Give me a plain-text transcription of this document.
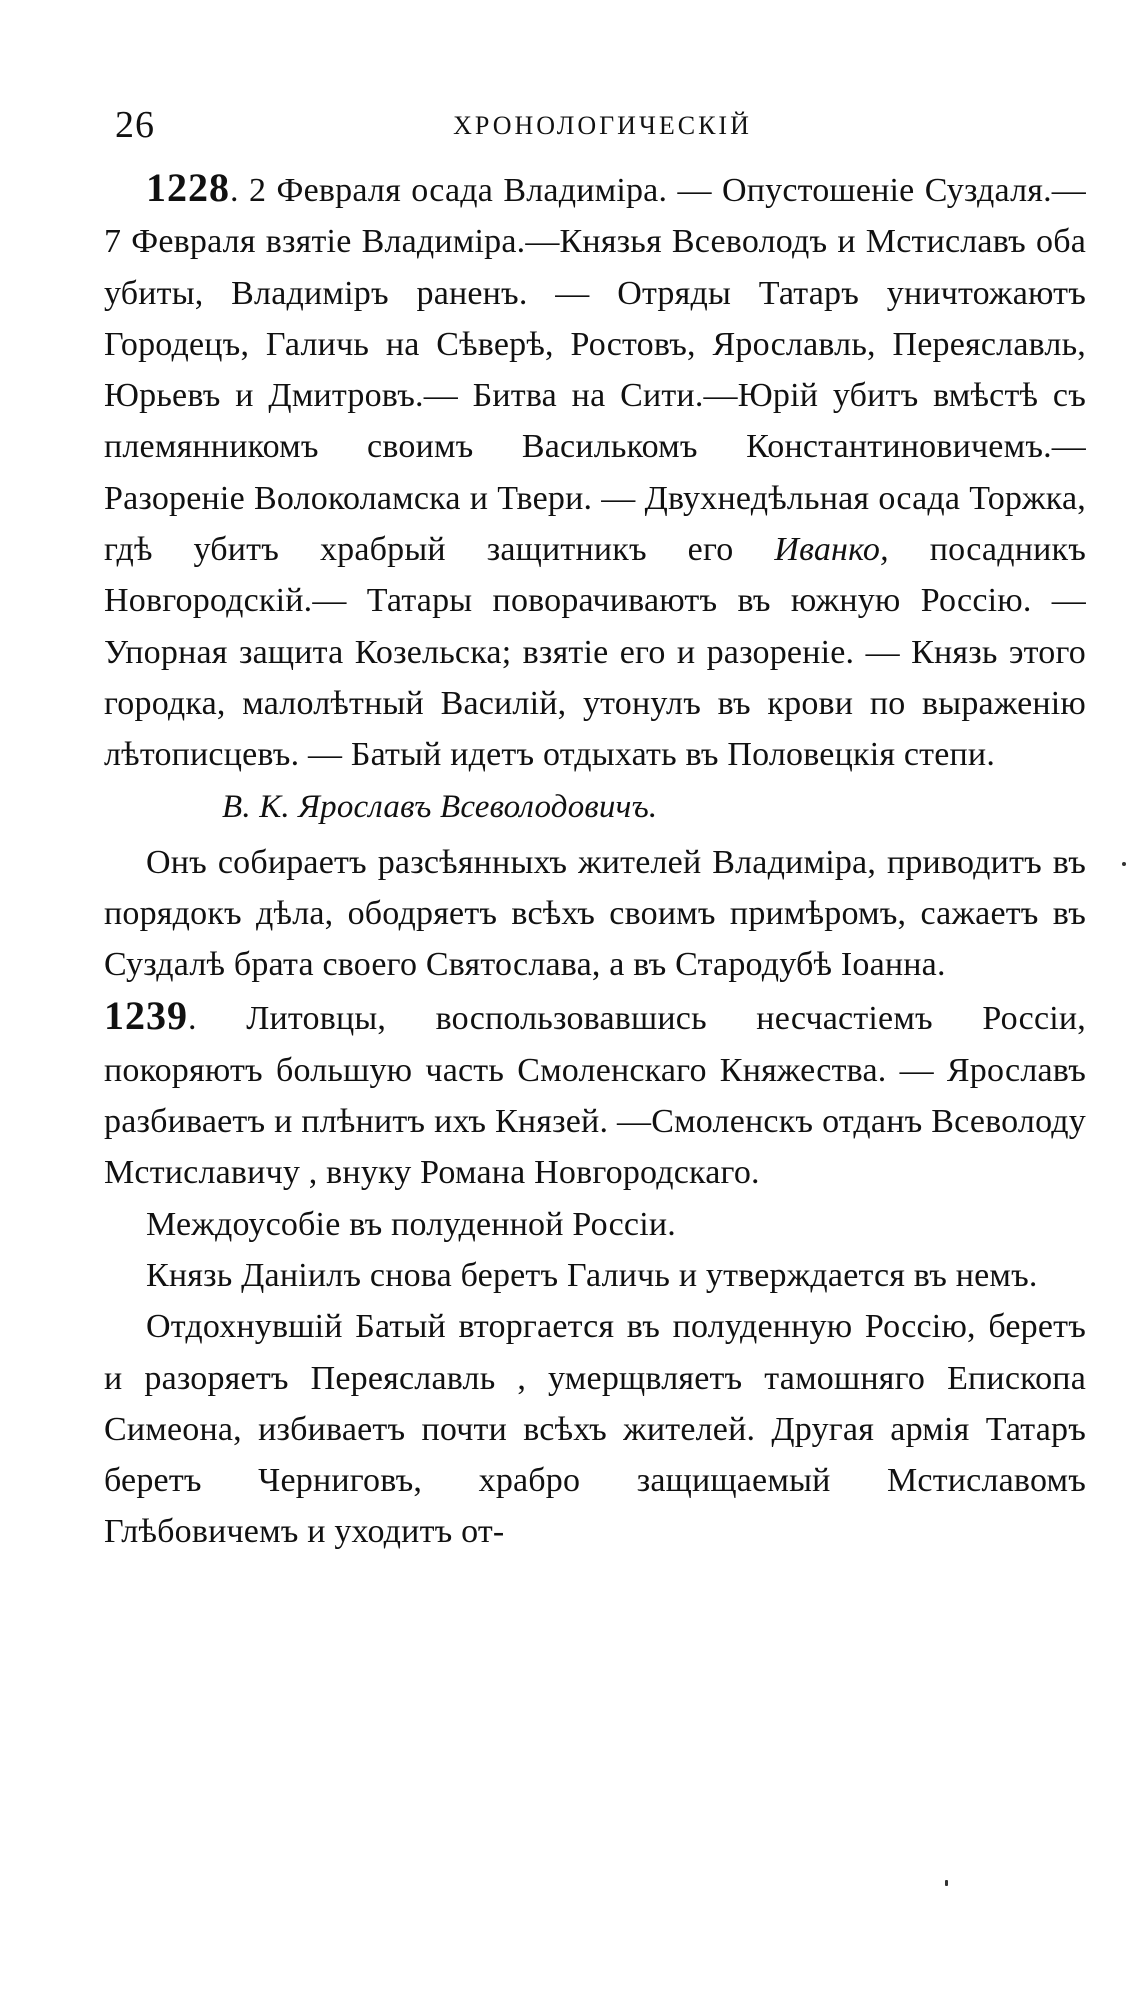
26	ХРОНОЛОГИЧЕСКІЙ

1228. 2 Февраля осада Владиміра. — Опустошеніе Суздаля.—7 Февраля взятіе Владиміра.—Князья Всеволодъ и Мстиславъ оба убиты, Владиміръ раненъ. — Отряды Татаръ уничтожаютъ Городецъ, Галичь на Сѣверѣ, Ростовъ, Ярославль, Переяславль, Юрьевъ и Дмитровъ.— Битва на Сити.—Юрій убитъ вмѣстѣ съ племянникомъ своимъ Василькомъ Константиновичемъ.—Разореніе Волоколамска и Твери. — Двухнедѣльная осада Торжка, гдѣ убитъ храбрый защитникъ его Иванко, посадникъ Новгородскій.— Татары поворачиваютъ въ южную Россію. — Упорная защита Козельска; взятіе его и разореніе. — Князь этого городка, малолѣтный Василій, утонулъ въ крови по выраженію лѣтописцевъ. — Батый идетъ отдыхать въ Половецкія степи.

В. К. Ярославъ Всеволодовичъ.

Онъ собираетъ разсѣянныхъ жителей Владиміра, приводитъ въ порядокъ дѣла, ободряетъ всѣхъ своимъ примѣромъ, сажаетъ въ Суздалѣ брата своего Святослава, а въ Стародубѣ Іоанна.

1239. Литовцы, воспользовавшись несчастіемъ Россіи, покоряютъ большую часть Смоленскаго Княжества. — Ярославъ разбиваетъ и плѣнитъ ихъ Князей. —Смоленскъ отданъ Всеволоду Мстиславичу , внуку Романа Новгородскаго.

Междоусобіе въ полуденной Россіи.

Князь Даніилъ снова беретъ Галичь и утверждается въ немъ.

Отдохнувшій Батый вторгается въ полуденную Россію, беретъ и разоряетъ Переяславль , умерщвляетъ тамошняго Епископа Симеона, избиваетъ почти всѣхъ жителей. Другая армія Татаръ беретъ Черниговъ, храбро защищаемый Мстиславомъ Глѣбовичемъ и уходитъ от-
